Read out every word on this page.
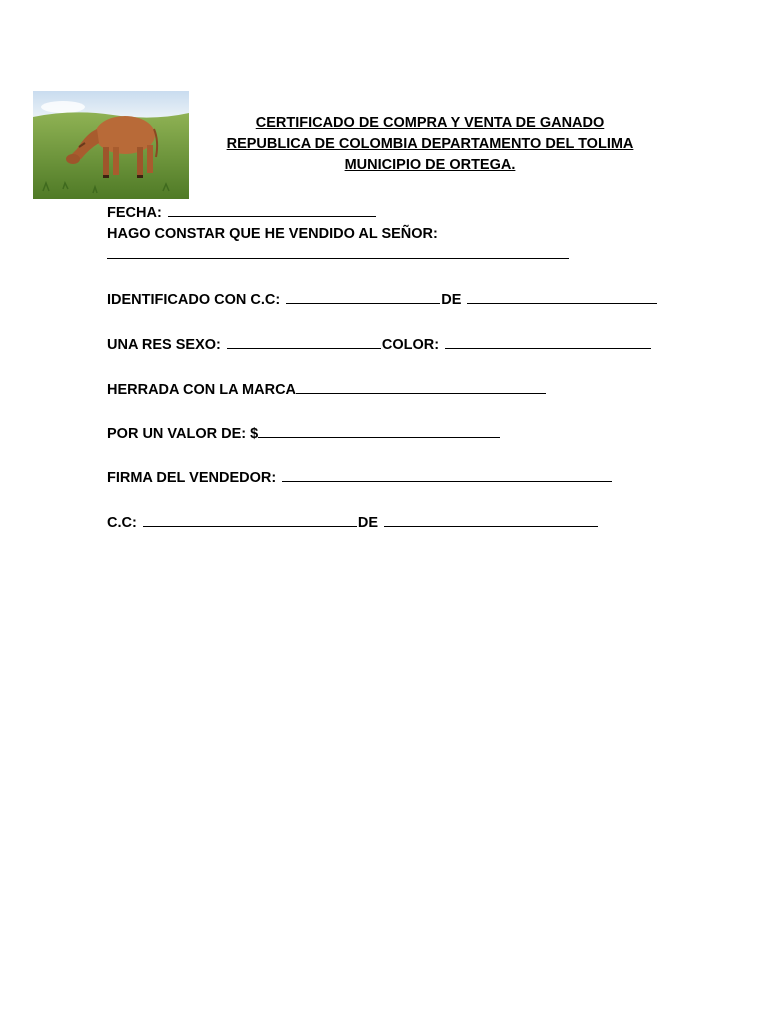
CERTIFICADO DE COMPRA Y VENTA DE GANADO
REPUBLICA DE COLOMBIA DEPARTAMENTO DEL TOLIMA
MUNICIPIO DE ORTEGA.
FECHA:
HAGO CONSTAR QUE HE VENDIDO AL SEÑOR:
IDENTIFICADO CON C.C:	DE
UNA RES SEXO:	COLOR:
HERRADA CON LA MARCA
POR UN VALOR DE: $
FIRMA DEL VENDEDOR:
C.C:	DE
